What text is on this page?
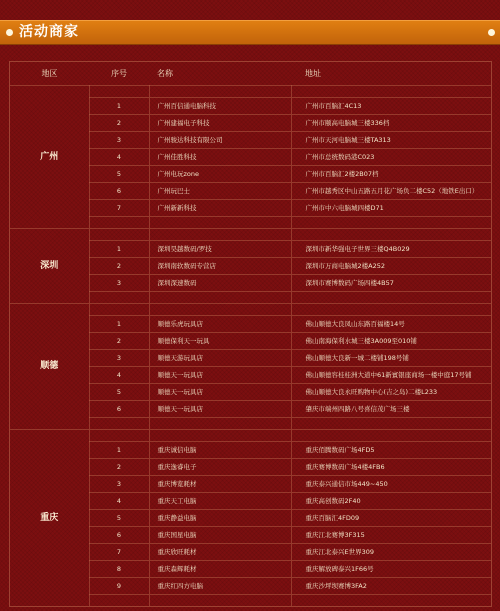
活动商家
地区	序号	名称	地址
广州			
	1	广州百信通电脑科技	广州市百脑汇4C13
	2	广州建福电子科技	广州市颐高电脑城三楼336档
	3	广州骏达科技有限公司	广州市天河电脑城三楼TA313
	4	广州佳胜科技	广州市总统数码港C023
	5	广州电玩zone	广州市百脑汇2楼2B07档
	6	广州玩巴士	广州市越秀区中山五路五月花广场负二楼C52（地铁E出口）
	7	广州新新科技	广州市中六电脑城四楼D71

深圳			
	1	深圳昊越数码/罗技	深圳市新华强电子世界三楼Q4B029
	2	深圳南软数码专营店	深圳市万商电脑城2楼A252
	3	深圳深速数码	深圳市赛博数码广场四楼4B57

顺德			
	1	顺德乐虎玩具店	佛山顺德大良凤山东路百福楼14号
	2	顺德保利天一玩具	佛山南海保利水城三楼3A009至010铺
	3	顺德天游玩具店	佛山顺德大良新一城二楼铺198号铺
	4	顺德天一玩具店	佛山顺德容桂桂洲大道中61新賓银座商场一楼中庭17号铺
	5	顺德天一玩具店	佛山顺德大良永旺购物中心(吉之岛)二楼L233
	6	顺德天一玩具店	肇庆市端州四路八号喜信茂广场三楼

重庆			
	1	重庆诚信电脑	重庆佰腾数码广场4FD5
	2	重庆逸睿电子	重庆赛博数码广场4楼4FB6
	3	重庆博览耗材	重庆泰兴通信市场449~450
	4	重庆天工电脑	重庆高创数码2F40
	5	重庆静益电脑	重庆百脑汇4FD09
	6	重庆国星电脑	重庆江北赛博3F315
	7	重庆欣旺耗材	重庆江北泰兴E世界309
	8	重庆森辉耗材	重庆解放碑泰兴1F66号
	9	重庆红四方电脑	重庆沙坪坝赛博3FA2
